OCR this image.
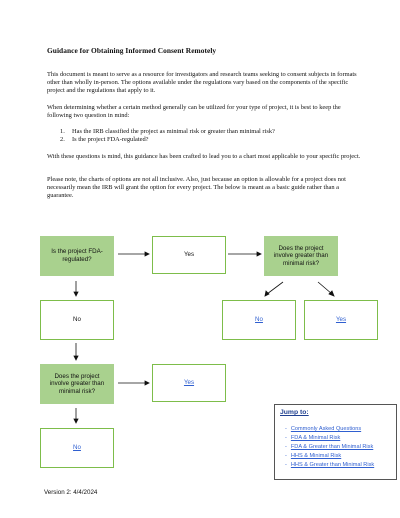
Guidance for Obtaining Informed Consent Remotely

This document is meant to serve as a resource for investigators and research teams seeking to consent subjects in formats other than wholly in-person. The options available under the regulations vary based on the components of the specific project and the regulations that apply to it.

When determining whether a certain method generally can be utilized for your type of project, it is best to keep the following two question in mind:

1. Has the IRB classified the project as minimal risk or greater than minimal risk?
2. Is the project FDA-regulated?

With these questions is mind, this guidance has been crafted to lead you to a chart most applicable to your specific project.

Please note, the charts of options are not all inclusive. Also, just because an option is allowable for a project does not necessarily mean the IRB will grant the option for every project. The below is meant as a basic guide rather than a guarantee.

Is the project FDA-regulated?
Yes
Does the project involve greater than minimal risk?
No	No	Yes
Does the project involve greater than minimal risk?
Yes
No
Jump to:
- Commonly Asked Questions
- FDA & Minimal Risk
- FDA & Greater than Minimal Risk
- HHS & Minimal Risk
- HHS & Greater than Minimal Risk
Version 2: 4/4/2024
